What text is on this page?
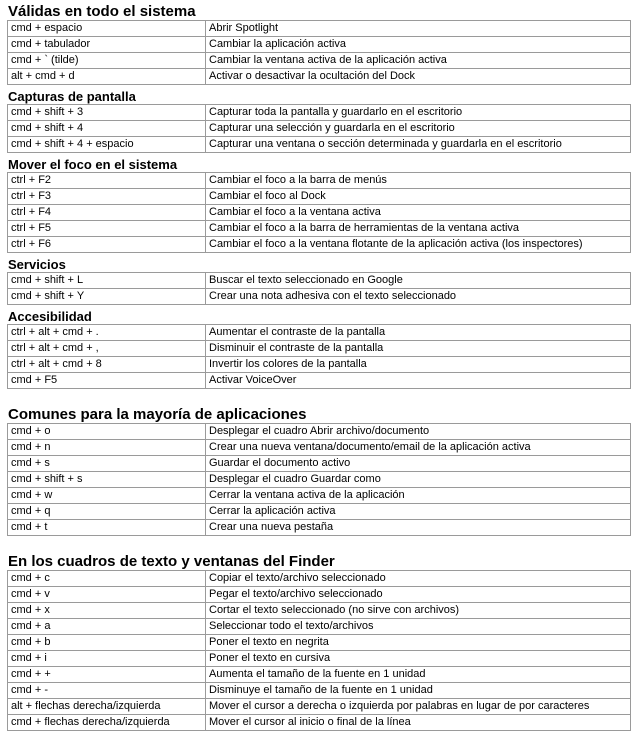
Válidas en todo el sistema
cmd + espacio	Abrir Spotlight
cmd + tabulador	Cambiar la aplicación activa
cmd + ` (tilde)	Cambiar la ventana activa de la aplicación activa
alt + cmd + d	Activar o desactivar la ocultación del Dock
Capturas de pantalla
cmd + shift + 3	Capturar toda la pantalla y guardarlo en el escritorio
cmd + shift + 4	Capturar una selección y guardarla en el escritorio
cmd + shift + 4 + espacio	Capturar una ventana o sección determinada y guardarla en el escritorio
Mover el foco en el sistema
ctrl + F2	Cambiar el foco a la barra de menús
ctrl + F3	Cambiar el foco al Dock
ctrl + F4	Cambiar el foco a la ventana activa
ctrl + F5	Cambiar el foco a la barra de herramientas de la ventana activa
ctrl + F6	Cambiar el foco a la ventana flotante de la aplicación activa (los inspectores)
Servicios
cmd + shift + L	Buscar el texto seleccionado en Google
cmd + shift + Y	Crear una nota adhesiva con el texto seleccionado
Accesibilidad
ctrl + alt + cmd + .	Aumentar el contraste de la pantalla
ctrl + alt + cmd + ,	Disminuir el contraste de la pantalla
ctrl + alt + cmd + 8	Invertir los colores de la pantalla
cmd + F5	Activar VoiceOver
Comunes para la mayoría de aplicaciones
cmd + o	Desplegar el cuadro Abrir archivo/documento
cmd + n	Crear una nueva ventana/documento/email de la aplicación activa
cmd + s	Guardar el documento activo
cmd + shift + s	Desplegar el cuadro Guardar como
cmd + w	Cerrar la ventana activa de la aplicación
cmd + q	Cerrar la aplicación activa
cmd + t	Crear una nueva pestaña
En los cuadros de texto y ventanas del Finder
cmd + c	Copiar el texto/archivo seleccionado
cmd + v	Pegar el texto/archivo seleccionado
cmd + x	Cortar el texto seleccionado (no sirve con archivos)
cmd + a	Seleccionar todo el texto/archivos
cmd + b	Poner el texto en negrita
cmd + i	Poner el texto en cursiva
cmd + +	Aumenta el tamaño de la fuente en 1 unidad
cmd + -	Disminuye el tamaño de la fuente en 1 unidad
alt + flechas derecha/izquierda	Mover el cursor a derecha o izquierda por palabras en lugar de por caracteres
cmd + flechas derecha/izquierda	Mover el cursor al inicio o final de la línea
